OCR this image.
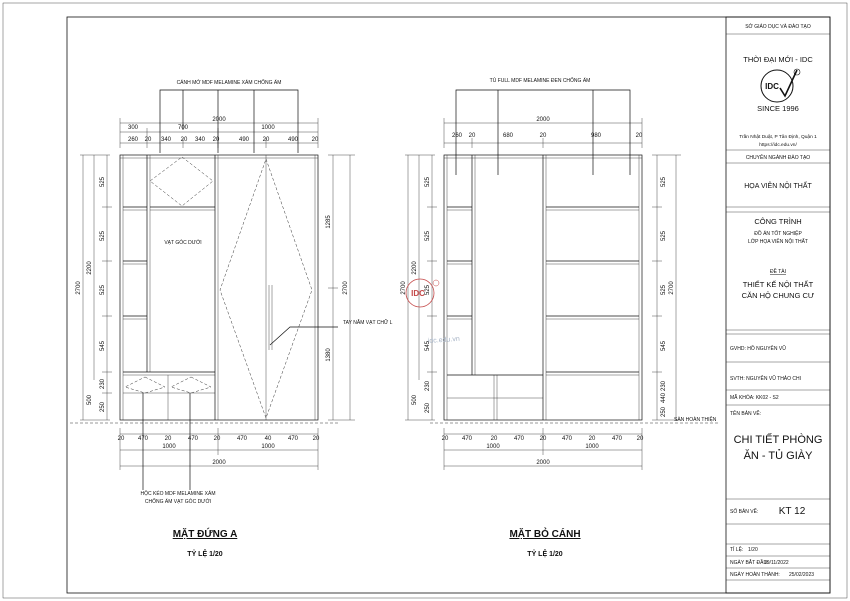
CÁNH MỞ MDF MELAMINE XÁM CHỐNG ẨM
2000
300	700	1000
260 20 340 20 340 20	490 20	490 20
VẠT GÓC DƯỚI
TAY NẮM VẠT CHỮ L
HỘC KÉO MDF MELAMINE XÁM
CHỐNG ẨM VẠT GÓC DƯỚI
2700
2200
525
525
525
545
230
500
250
2700
1285
1380
20 470	20	470	20	470	40	470 20
1000	1000
2000
MẶT ĐỨNG A
TỶ LỆ 1/20
TỦ FULL MDF MELAMINE ĐEN CHỐNG ẨM
2000
260 20	680	20	980	20
SÀN HOÀN THIỆN
idc.edu.vn
2700
2200
525
525
525
545
230
500
250
2700
525
525
525
545
230
440
250
20 470	20	470	20	470	20	470 20
1000	1000
2000
MẶT BỎ CÁNH
TỶ LỆ 1/20
IDC
SỞ GIÁO DỤC VÀ ĐÀO TẠO
THỜI ĐẠI MỚI - IDC
IDC
SINCE 1996
Trần Nhật Duật, P Tân Định, Quận 1
https://idc.edu.vn/
CHUYÊN NGÀNH ĐÀO TẠO
HỌA VIÊN NỘI THẤT
CÔNG TRÌNH
ĐỒ ÁN TỐT NGHIỆP
LỚP HỌA VIÊN NỘI THẤT
ĐỀ TÀI
THIẾT KẾ NỘI THẤT
CĂN HỘ CHUNG CƯ
GVHD: HỒ NGUYÊN VŨ
SVTH: NGUYỄN VŨ THẢO CHI
MÃ KHÓA: KK02 - S2
TÊN BẢN VẼ:
CHI TIẾT PHÒNG
ĂN - TỦ GIÀY
SỐ BẢN VẼ: KT 12
TỈ LỆ: 1/20
NGÀY BẮT ĐẦU:
19/11/2022
NGÀY HOÀN THÀNH: 25/02/2023
